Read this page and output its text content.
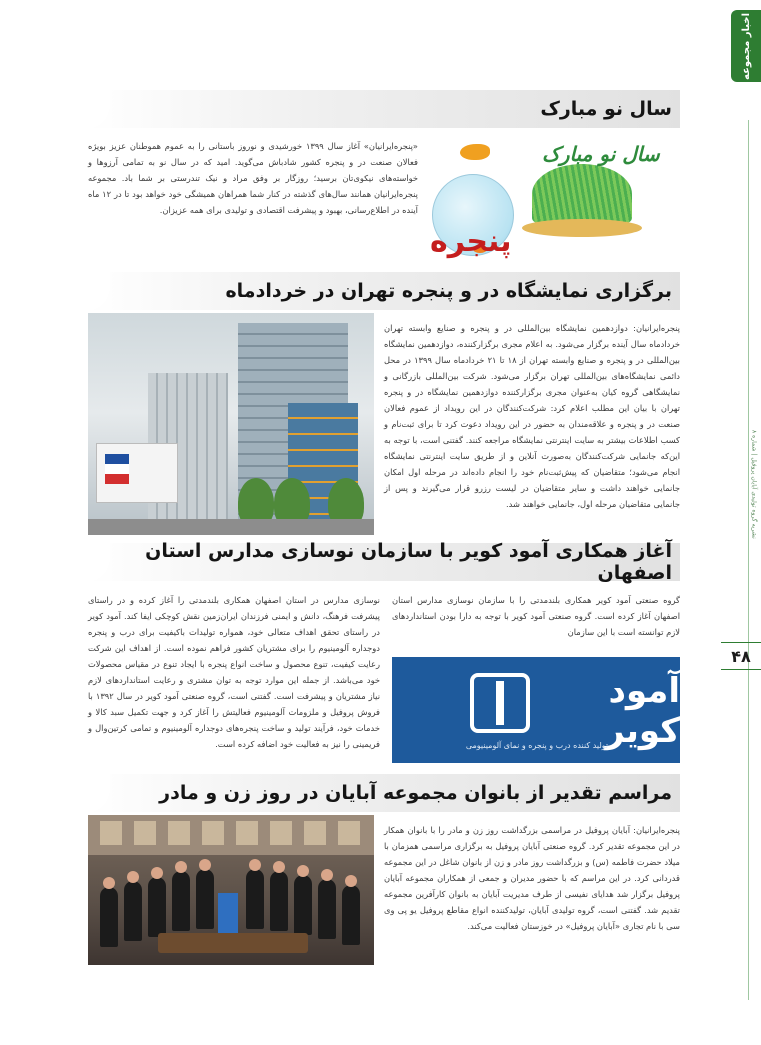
اخبار مجموعه
نشریه گروه تولیدی آبایان پروفیل | شماره ۸
۴۸
سال نو مبارک

«پنجره‌ایرانیان» آغاز سال ۱۳۹۹ خورشیدی و نوروز باستانی را به عموم هموطنان عزیز بویژه فعالان صنعت در و پنجره کشور شادباش می‌گوید. امید که در سال نو به تمامی آرزوها و خواسته‌های نیکوی‌تان برسید؛ روزگار بر وفق مراد و نیک تندرستی بر شما باد. مجموعه پنجره‌ایرانیان همانند سال‌های گذشته در کنار شما همراهان همیشگی خود خواهد بود تا در ۱۲ ماه آینده در اطلاع‌رسانی، بهبود و پیشرفت اقتصادی و تولیدی برای همه عزیزان.

سال نو مبارک
پنجره
برگزاری نمایشگاه در و پنجره تهران در خردادماه

پنجره‌ایرانیان: دوازدهمین نمایشگاه بین‌المللی در و پنجره و صنایع وابسته تهران خردادماه سال آینده برگزار می‌شود. به اعلام مجری برگزارکننده، دوازدهمین نمایشگاه بین‌المللی در و پنجره و صنایع وابسته تهران از ۱۸ تا ۲۱ خردادماه سال ۱۳۹۹ در محل دائمی نمایشگاه‌های بین‌المللی تهران برگزار می‌شود. شرکت بین‌المللی بازرگانی و نمایشگاهی گروه کیان به‌عنوان مجری برگزارکننده دوازدهمین نمایشگاه در و پنجره تهران با بیان این مطلب اعلام کرد: شرکت‌کنندگان در این رویداد از عموم فعالان صنعت در و پنجره و علاقه‌مندان به حضور در این رویداد دعوت کرد تا برای ثبت‌نام و کسب اطلاعات بیشتر به سایت اینترنتی نمایشگاه مراجعه کنند. گفتنی است، با توجه به این‌که جانمایی شرکت‌کنندگان به‌صورت آنلاین و از طریق سایت اینترنتی نمایشگاه انجام می‌شود؛ متقاضیان که پیش‌ثبت‌نام خود را انجام داده‌اند در مرحله اول امکان جانمایی خواهند داشت و سایر متقاضیان در لیست رزرو قرار می‌گیرند و پس از جانمایی متقاضیان مرحله اول، جانمایی خواهند شد.

آغاز همکاری آمود کویر با سازمان نوسازی مدارس استان اصفهان

گروه صنعتی آمود کویر همکاری بلندمدتی را با سازمان نوسازی مدارس استان اصفهان آغاز کرده است. گروه صنعتی آمود کویر با توجه به دارا بودن استانداردهای لازم توانسته است با این سازمان

آمود کویر
تولید کننده درب و پنجره و نمای آلومینیومی

نوسازی مدارس در استان اصفهان همکاری بلندمدتی را آغاز کرده و در راستای پیشرفت فرهنگ، دانش و ایمنی فرزندان ایران‌زمین نقش کوچکی ایفا کند. آمود کویر در راستای تحقق اهداف متعالی خود، همواره تولیدات باکیفیت برای درب و پنجره دوجداره آلومینیوم را برای مشتریان کشور فراهم نموده است. از اهداف این شرکت رعایت کیفیت، تنوع محصول و ساخت انواع پنجره با ایجاد تنوع در مقیاس محصولات خود می‌باشد. از جمله این موارد توجه به توان مشتری و رعایت استانداردهای لازم نیاز مشتریان و پیشرفت است. گفتنی است، گروه صنعتی آمود کویر در سال ۱۳۹۲ با فروش پروفیل و ملزومات آلومینیوم فعالیتش را آغاز کرد و جهت تکمیل سبد کالا و خدمات خود، فرآیند تولید و ساخت پنجره‌های دوجداره آلومینیوم و تمامی کرتین‌وال و فریمینی را نیز به فعالیت خود اضافه کرده است.

مراسم تقدیر از بانوان مجموعه آبایان در روز زن و مادر

پنجره‌ایرانیان: آبایان پروفیل در مراسمی بزرگداشت روز زن و مادر را با بانوان همکار در این مجموعه تقدیر کرد. گروه صنعتی آبایان پروفیل به برگزاری مراسمی همزمان با میلاد حضرت فاطمه (س) و بزرگداشت روز مادر و زن از بانوان شاغل در این مجموعه قدردانی کرد. در این مراسم که با حضور مدیران و جمعی از همکاران مجموعه آبایان پروفیل برگزار شد هدایای نفیسی از طرف مدیریت آبایان به بانوان کارآفرین مجموعه تقدیم شد. گفتنی است، گروه تولیدی آبایان، تولیدکننده انواع مقاطع پروفیل یو پی وی سی با نام تجاری «آبایان پروفیل» در خوزستان فعالیت می‌کند.
